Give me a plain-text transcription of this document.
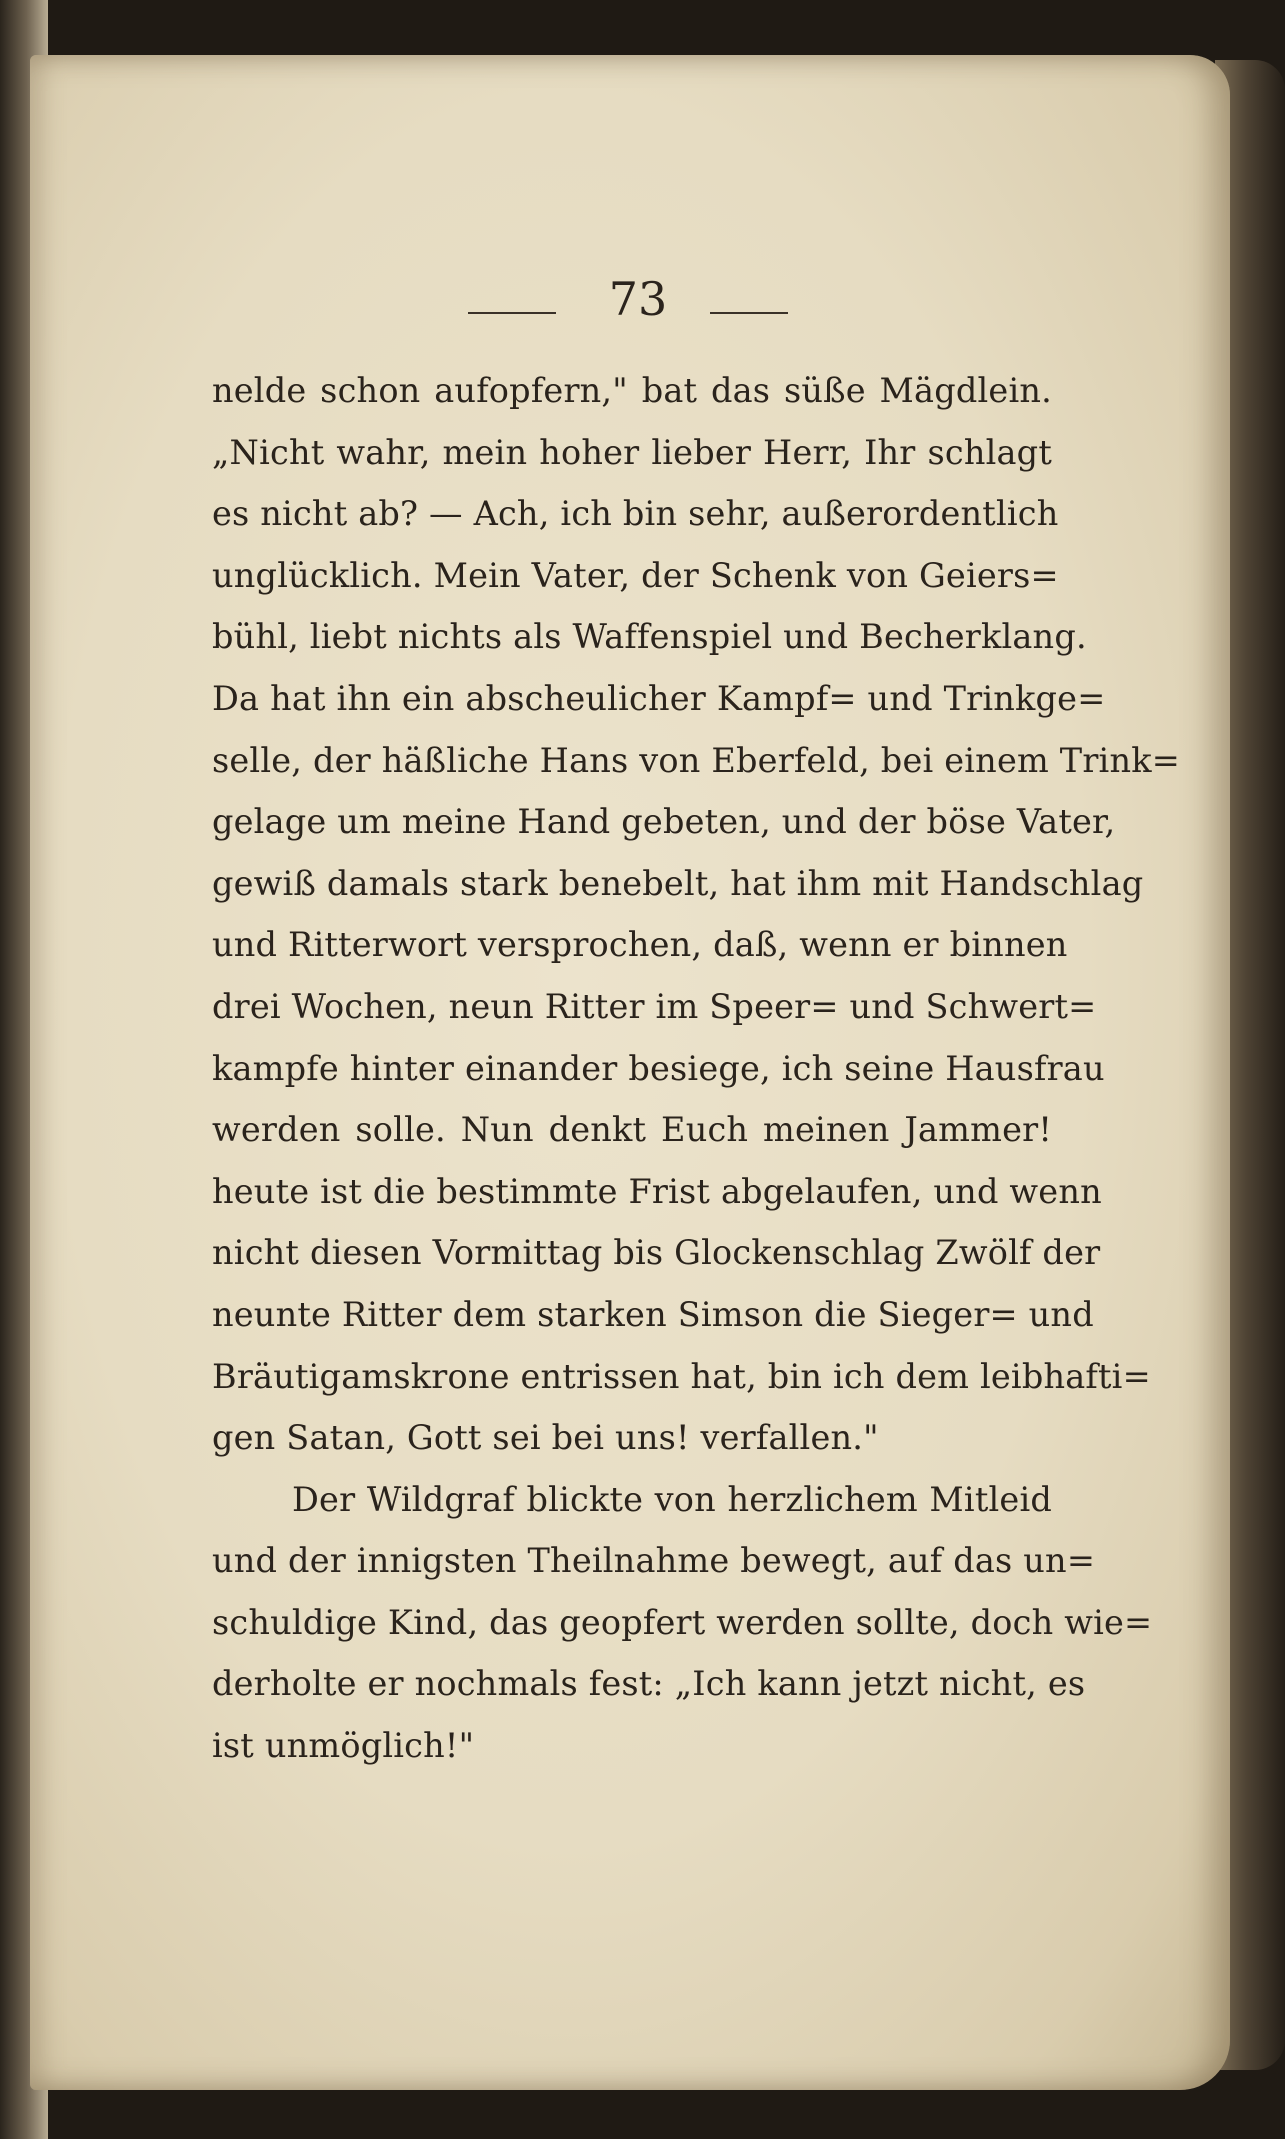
73
nelde schon aufopfern," bat das süße Mägdlein.
„Nicht wahr, mein hoher lieber Herr, Ihr schlagt
es nicht ab? — Ach, ich bin sehr, außerordentlich
unglücklich. Mein Vater, der Schenk von Geiers=
bühl, liebt nichts als Waffenspiel und Becherklang.
Da hat ihn ein abscheulicher Kampf= und Trinkge=
selle, der häßliche Hans von Eberfeld, bei einem Trink=
gelage um meine Hand gebeten, und der böse Vater,
gewiß damals stark benebelt, hat ihm mit Handschlag
und Ritterwort versprochen, daß, wenn er binnen
drei Wochen, neun Ritter im Speer= und Schwert=
kampfe hinter einander besiege, ich seine Hausfrau
werden solle. Nun denkt Euch meinen Jammer!
heute ist die bestimmte Frist abgelaufen, und wenn
nicht diesen Vormittag bis Glockenschlag Zwölf der
neunte Ritter dem starken Simson die Sieger= und
Bräutigamskrone entrissen hat, bin ich dem leibhafti=
gen Satan, Gott sei bei uns! verfallen."
Der Wildgraf blickte von herzlichem Mitleid
und der innigsten Theilnahme bewegt, auf das un=
schuldige Kind, das geopfert werden sollte, doch wie=
derholte er nochmals fest: „Ich kann jetzt nicht, es
ist unmöglich!"
